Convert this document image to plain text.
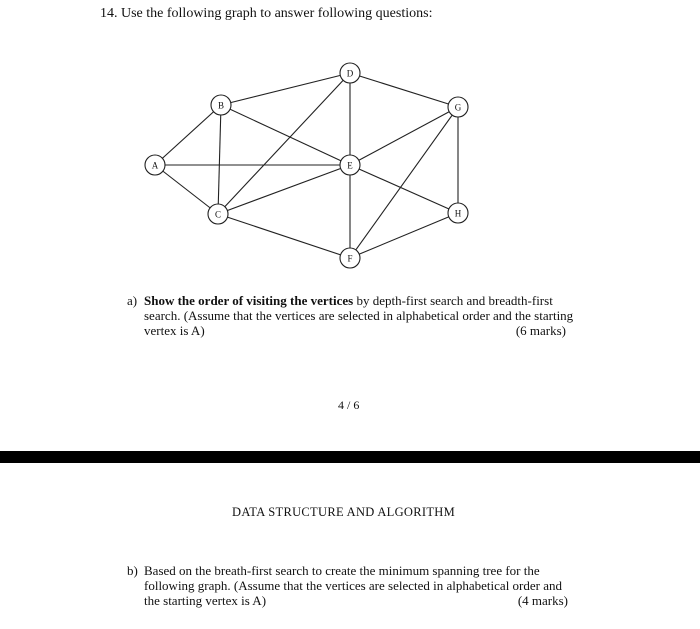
14. Use the following graph to answer following questions:
A
B
C
D
E
F
G
H
a) Show the order of visiting the vertices by depth-first search and breadth-first
search. (Assume that the vertices are selected in alphabetical order and the starting
vertex is A)	(6 marks)
4 / 6
DATA STRUCTURE AND ALGORITHM
b) Based on the breath-first search to create the minimum spanning tree for the
following graph. (Assume that the vertices are selected in alphabetical order and
the starting vertex is A)	(4 marks)
